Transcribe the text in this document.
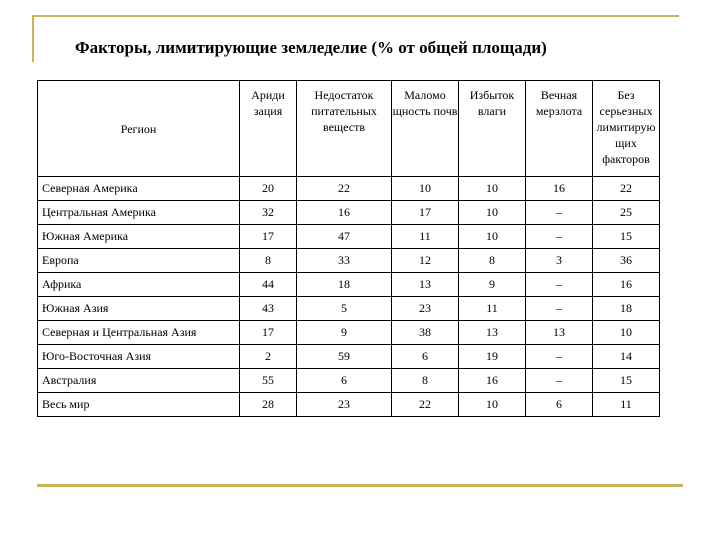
Факторы, лимитирующие земледелие (% от общей площади)
Регион	Ариди зация	Недостаток питательных веществ	Маломо щность почв	Избыток влаги	Вечная мерзлота	Без серьезных лимитирую щих факторов
Северная Америка	20	22	10	10	16	22
Центральная Америка	32	16	17	10	–	25
Южная Америка	17	47	11	10	–	15
Европа	8	33	12	8	3	36
Африка	44	18	13	9	–	16
Южная Азия	43	5	23	11	–	18
Северная и Центральная Азия	17	9	38	13	13	10
Юго-Восточная Азия	2	59	6	19	–	14
Австралия	55	6	8	16	–	15
Весь мир	28	23	22	10	6	11
